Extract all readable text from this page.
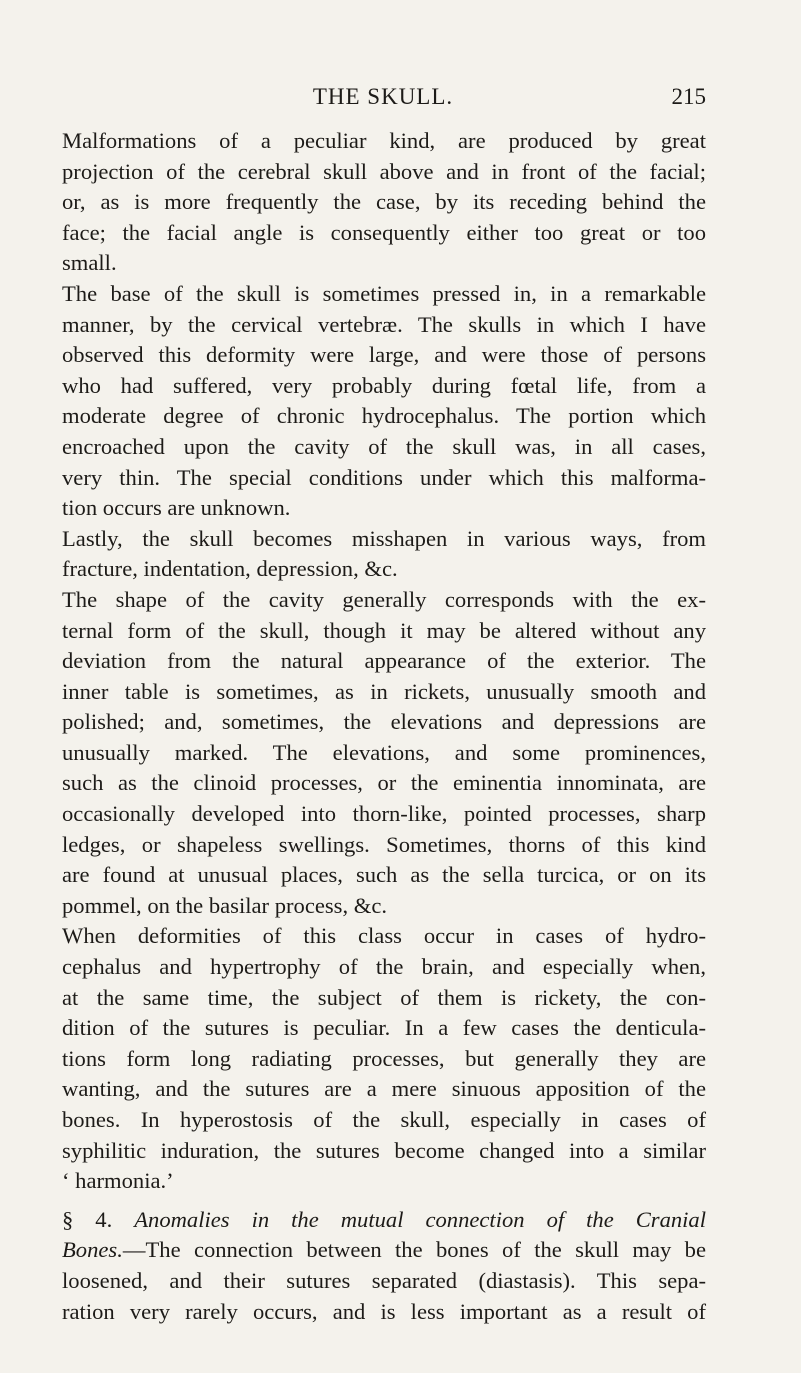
THE SKULL.	215
Malformations of a peculiar kind, are produced by great
projection of the cerebral skull above and in front of the facial;
or, as is more frequently the case, by its receding behind the
face; the facial angle is consequently either too great or too
small.
The base of the skull is sometimes pressed in, in a remarkable
manner, by the cervical vertebræ. The skulls in which I have
observed this deformity were large, and were those of persons
who had suffered, very probably during fœtal life, from a
moderate degree of chronic hydrocephalus. The portion which
encroached upon the cavity of the skull was, in all cases,
very thin. The special conditions under which this malforma-
tion occurs are unknown.
Lastly, the skull becomes misshapen in various ways, from
fracture, indentation, depression, &c.
The shape of the cavity generally corresponds with the ex-
ternal form of the skull, though it may be altered without any
deviation from the natural appearance of the exterior. The
inner table is sometimes, as in rickets, unusually smooth and
polished; and, sometimes, the elevations and depressions are
unusually marked. The elevations, and some prominences,
such as the clinoid processes, or the eminentia innominata, are
occasionally developed into thorn-like, pointed processes, sharp
ledges, or shapeless swellings. Sometimes, thorns of this kind
are found at unusual places, such as the sella turcica, or on its
pommel, on the basilar process, &c.
When deformities of this class occur in cases of hydro-
cephalus and hypertrophy of the brain, and especially when,
at the same time, the subject of them is rickety, the con-
dition of the sutures is peculiar. In a few cases the denticula-
tions form long radiating processes, but generally they are
wanting, and the sutures are a mere sinuous apposition of the
bones. In hyperostosis of the skull, especially in cases of
syphilitic induration, the sutures become changed into a similar
‘ harmonia.’
§ 4. Anomalies in the mutual connection of the Cranial
Bones.—The connection between the bones of the skull may be
loosened, and their sutures separated (diastasis). This sepa-
ration very rarely occurs, and is less important as a result of
